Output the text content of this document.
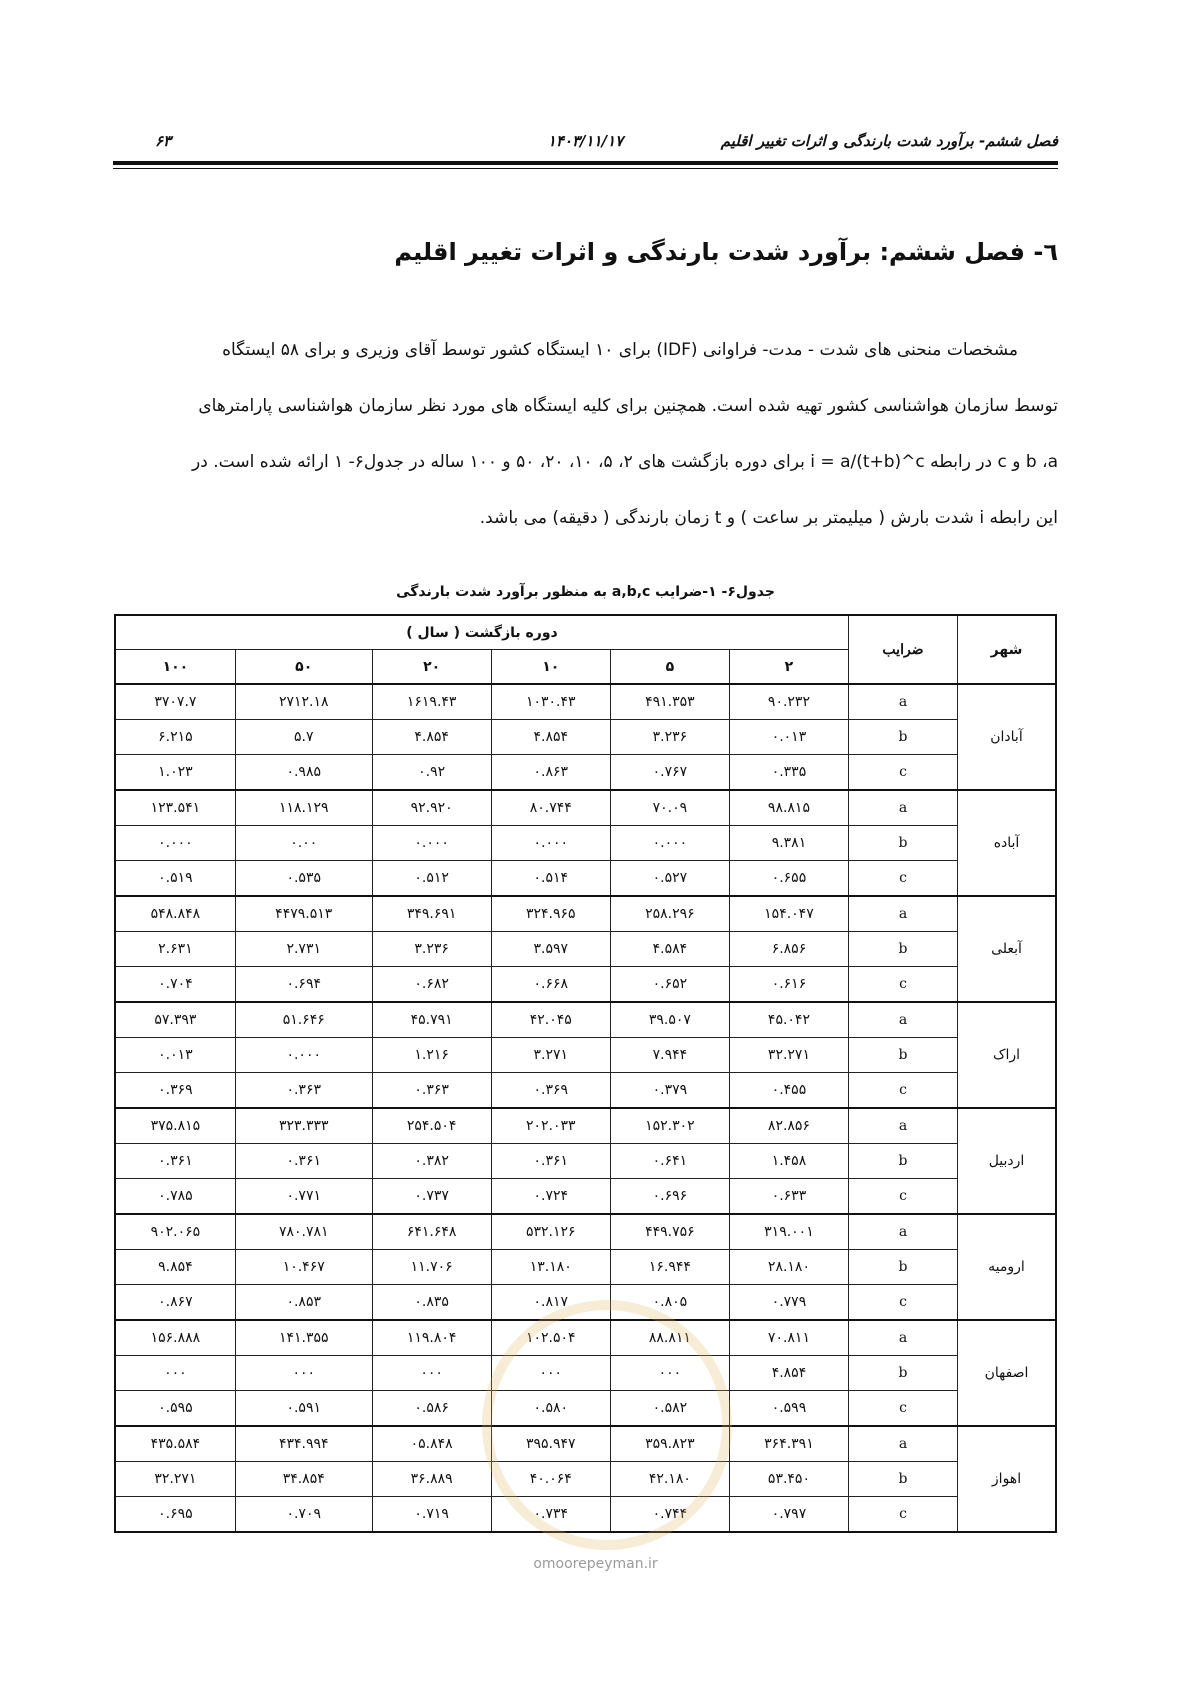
فصل ششم- برآورد شدت بارندگی و اثرات تغییر اقلیم
۱۴۰۳/۱۱/۱۷
۶۳
٦- فصل ششم: برآورد شدت بارندگی و اثرات تغییر اقلیم

مشخصات منحنی های شدت - مدت- فراوانی (IDF) برای ۱۰ ایستگاه کشور توسط آقای وزیری و برای ۵۸ ایستگاه

توسط سازمان هواشناسی کشور تهیه شده است. همچنین برای کلیه ایستگاه های مورد نظر سازمان هواشناسی پارامترهای

b ،a و c در رابطه i = a/(t+b)^c برای دوره بازگشت های ۲، ۵، ۱۰، ۲۰، ۵۰ و ۱۰۰ ساله در جدول۶- ۱ ارائه شده است. در

این رابطه i شدت بارش ( میلیمتر بر ساعت ) و t زمان بارندگی ( دقیقه) می باشد.

جدول۶- ۱-ضرایب a,b,c به منظور برآورد شدت بارندگی
شهر	ضرایب	دوره بازگشت ( سال )					
		۲	۵	۱۰	۲۰	۵۰	۱۰۰
آبادان	a	۹۰.۲۳۲	۴۹۱.۳۵۳	۱۰۳۰.۴۳	۱۶۱۹.۴۳	۲۷۱۲.۱۸	۳۷۰۷.۷
	b	۰.۰۱۳	۳.۲۳۶	۴.۸۵۴	۴.۸۵۴	۵.۷	۶.۲۱۵
	c	۰.۳۳۵	۰.۷۶۷	۰.۸۶۳	۰.۹۲	۰.۹۸۵	۱.۰۲۳
آباده	a	۹۸.۸۱۵	۷۰.۰۹	۸۰.۷۴۴	۹۲.۹۲۰	۱۱۸.۱۲۹	۱۲۳.۵۴۱
	b	۹.۳۸۱	۰.۰۰۰	۰.۰۰۰	۰.۰۰۰	۰.۰۰	۰.۰۰۰
	c	۰.۶۵۵	۰.۵۲۷	۰.۵۱۴	۰.۵۱۲	۰.۵۳۵	۰.۵۱۹
آبعلی	a	۱۵۴.۰۴۷	۲۵۸.۲۹۶	۳۲۴.۹۶۵	۳۴۹.۶۹۱	۴۴۷۹.۵۱۳	۵۴۸.۸۴۸
	b	۶.۸۵۶	۴.۵۸۴	۳.۵۹۷	۳.۲۳۶	۲.۷۳۱	۲.۶۳۱
	c	۰.۶۱۶	۰.۶۵۲	۰.۶۶۸	۰.۶۸۲	۰.۶۹۴	۰.۷۰۴
اراک	a	۴۵.۰۴۲	۳۹.۵۰۷	۴۲.۰۴۵	۴۵.۷۹۱	۵۱.۶۴۶	۵۷.۳۹۳
	b	۳۲.۲۷۱	۷.۹۴۴	۳.۲۷۱	۱.۲۱۶	۰.۰۰۰	۰.۰۱۳
	c	۰.۴۵۵	۰.۳۷۹	۰.۳۶۹	۰.۳۶۳	۰.۳۶۳	۰.۳۶۹
اردبیل	a	۸۲.۸۵۶	۱۵۲.۳۰۲	۲۰۲.۰۳۳	۲۵۴.۵۰۴	۳۲۳.۳۳۳	۳۷۵.۸۱۵
	b	۱.۴۵۸	۰.۶۴۱	۰.۳۶۱	۰.۳۸۲	۰.۳۶۱	۰.۳۶۱
	c	۰.۶۳۳	۰.۶۹۶	۰.۷۲۴	۰.۷۳۷	۰.۷۷۱	۰.۷۸۵
ارومیه	a	۳۱۹.۰۰۱	۴۴۹.۷۵۶	۵۳۲.۱۲۶	۶۴۱.۶۴۸	۷۸۰.۷۸۱	۹۰۲.۰۶۵
	b	۲۸.۱۸۰	۱۶.۹۴۴	۱۳.۱۸۰	۱۱.۷۰۶	۱۰.۴۶۷	۹.۸۵۴
	c	۰.۷۷۹	۰.۸۰۵	۰.۸۱۷	۰.۸۳۵	۰.۸۵۳	۰.۸۶۷
اصفهان	a	۷۰.۸۱۱	۸۸.۸۱۱	۱۰۲.۵۰۴	۱۱۹.۸۰۴	۱۴۱.۳۵۵	۱۵۶.۸۸۸
	b	۴.۸۵۴	۰۰۰	۰۰۰	۰۰۰	۰۰۰	۰۰۰
	c	۰.۵۹۹	۰.۵۸۲	۰.۵۸۰	۰.۵۸۶	۰.۵۹۱	۰.۵۹۵
اهواز	a	۳۶۴.۳۹۱	۳۵۹.۸۲۳	۳۹۵.۹۴۷	۰۵.۸۴۸	۴۳۴.۹۹۴	۴۳۵.۵۸۴
	b	۵۳.۴۵۰	۴۲.۱۸۰	۴۰.۰۶۴	۳۶.۸۸۹	۳۴.۸۵۴	۳۲.۲۷۱
	c	۰.۷۹۷	۰.۷۴۴	۰.۷۳۴	۰.۷۱۹	۰.۷۰۹	۰.۶۹۵
omoorepeyman.ir
